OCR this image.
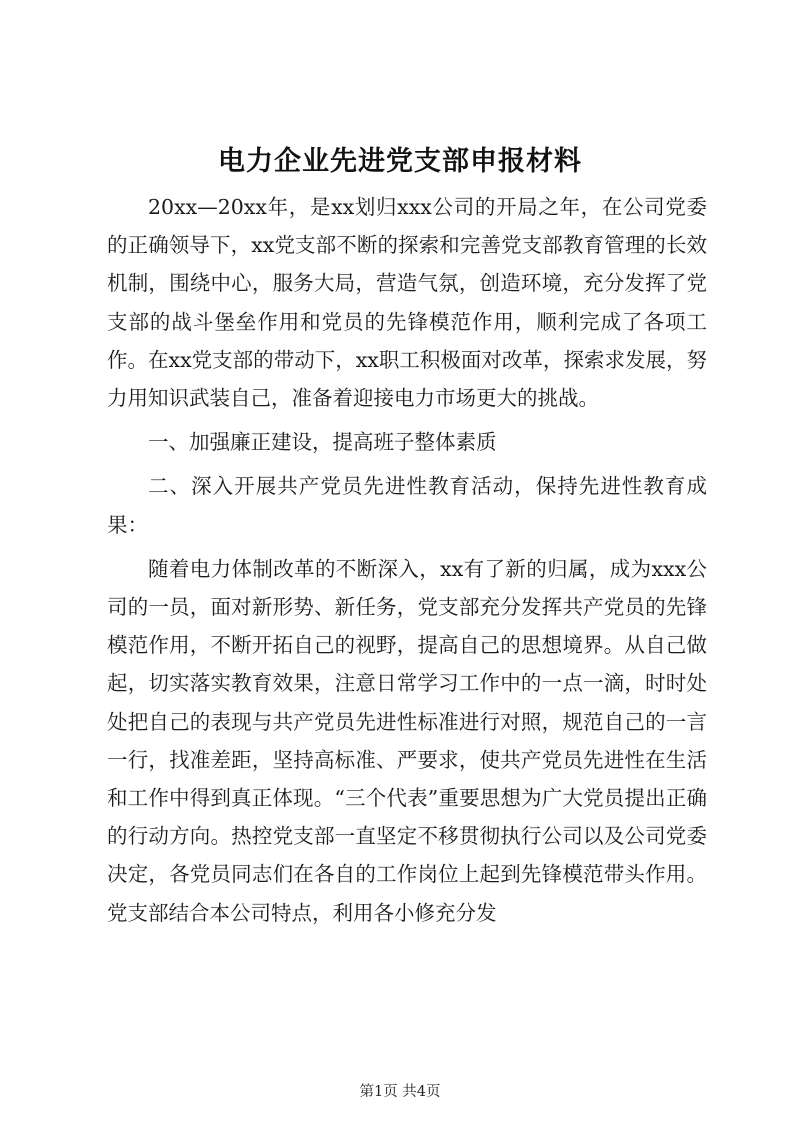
电力企业先进党支部申报材料

20xx—20xx年，是xx划归xxx公司的开局之年，在公司党委的正确领导下，xx党支部不断的探索和完善党支部教育管理的长效机制，围绕中心，服务大局，营造气氛，创造环境，充分发挥了党支部的战斗堡垒作用和党员的先锋模范作用，顺利完成了各项工作。在xx党支部的带动下，xx职工积极面对改革，探索求发展，努力用知识武装自己，准备着迎接电力市场更大的挑战。

一、加强廉正建设，提高班子整体素质

二、深入开展共产党员先进性教育活动，保持先进性教育成果：

随着电力体制改革的不断深入，xx有了新的归属，成为xxx公司的一员，面对新形势、新任务，党支部充分发挥共产党员的先锋模范作用，不断开拓自己的视野，提高自己的思想境界。从自己做起，切实落实教育效果，注意日常学习工作中的一点一滴，时时处处把自己的表现与共产党员先进性标准进行对照，规范自己的一言一行，找准差距，坚持高标准、严要求，使共产党员先进性在生活和工作中得到真正体现。“三个代表”重要思想为广大党员提出正确的行动方向。热控党支部一直坚定不移贯彻执行公司以及公司党委决定，各党员同志们在各自的工作岗位上起到先锋模范带头作用。党支部结合本公司特点，利用各小修充分发

第1页 共4页
